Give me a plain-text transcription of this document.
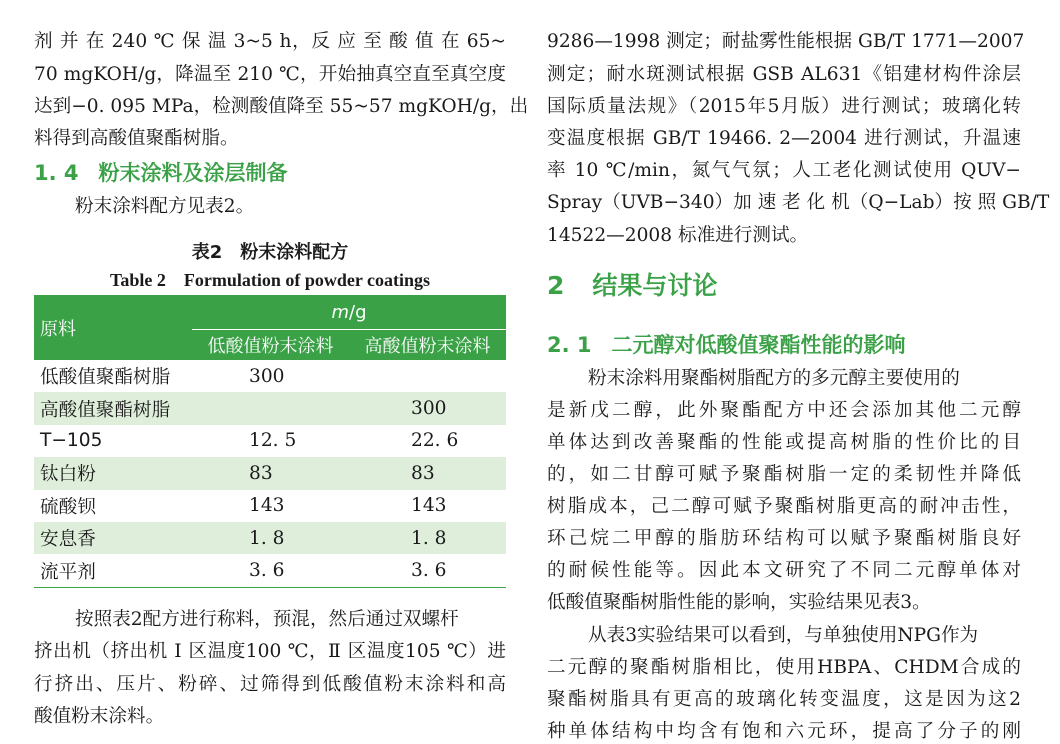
剂 并 在 240 ℃ 保 温 3~5 h，反 应 至 酸 值 在 65~
70 mgKOH/g，降温至 210 ℃，开始抽真空直至真空度
达到−0. 095 MPa，检测酸值降至 55~57 mgKOH/g，出
料得到高酸值聚酯树脂。
1. 4 粉末涂料及涂层制备
粉末涂料配方见表2。
表2　粉末涂料配方
Table 2　Formulation of powder coatings
原料	m/g	
	低酸值粉末涂料	高酸值粉末涂料
低酸值聚酯树脂	300	
高酸值聚酯树脂		300
T−105	12. 5	22. 6
钛白粉	83	83
硫酸钡	143	143
安息香	1. 8	1. 8
流平剂	3. 6	3. 6
按照表2配方进行称料，预混，然后通过双螺杆
挤出机（挤出机 Ⅰ 区温度100 ℃，Ⅱ 区温度105 ℃）进
行挤出、压片、粉碎、过筛得到低酸值粉末涂料和高
酸值粉末涂料。
9286—1998 测定；耐盐雾性能根据 GB/T 1771—2007
测定；耐水斑测试根据 GSB AL631《铝建材构件涂层
国际质量法规》（2015年5月版）进行测试；玻璃化转
变温度根据 GB/T 19466. 2—2004 进行测试，升温速
率 10 ℃/min，氮气气氛；人工老化测试使用 QUV−
Spray（UVB−340）加 速 老 化 机（Q−Lab）按 照 GB/T
14522—2008 标准进行测试。
2 结果与讨论
2. 1 二元醇对低酸值聚酯性能的影响
粉末涂料用聚酯树脂配方的多元醇主要使用的
是新戊二醇，此外聚酯配方中还会添加其他二元醇
单体达到改善聚酯的性能或提高树脂的性价比的目
的，如二甘醇可赋予聚酯树脂一定的柔韧性并降低
树脂成本，己二醇可赋予聚酯树脂更高的耐冲击性，
环己烷二甲醇的脂肪环结构可以赋予聚酯树脂良好
的耐候性能等。因此本文研究了不同二元醇单体对
低酸值聚酯树脂性能的影响，实验结果见表3。
从表3实验结果可以看到，与单独使用NPG作为
二元醇的聚酯树脂相比，使用HBPA、CHDM合成的
聚酯树脂具有更高的玻璃化转变温度，这是因为这2
种单体结构中均含有饱和六元环，提高了分子的刚
